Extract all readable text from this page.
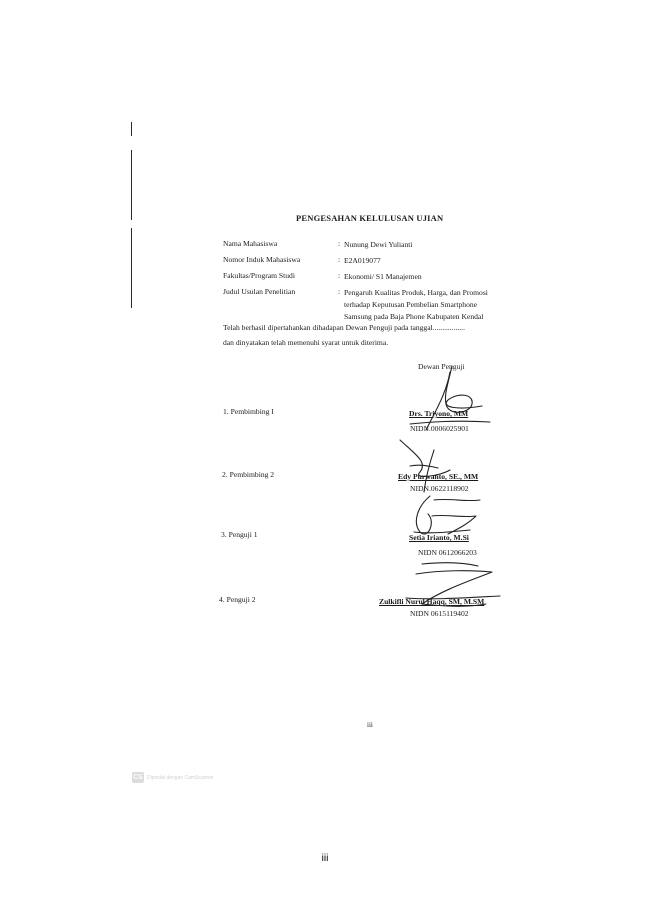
PENGESAHAN KELULUSAN UJIAN
Nama Mahasiswa	: Nunung Dewi Yulianti
Nomor Induk Mahasiswa	: E2A019077
Fakultas/Program Studi	: Ekonomi/ S1 Manajemen
Judul Usulan Penelitian	: Pengaruh Kualitas Produk, Harga, dan Promosi
terhadap Keputusan Pembelian Smartphone
Samsung pada Baja Phone Kabupaten Kendal
Telah berhasil dipertahankan dihadapan Dewan Penguji pada tanggal.................
dan dinyatakan telah memenuhi syarat untuk diterima.
Dewan Penguji
1. Pembimbing I	Drs. Triyono, MM
NIDN.0006025901
2. Pembimbing 2	Edy Purwanto, SE., MM
NIDN.0622118902
3. Penguji 1	Setia Irianto, M.Si
NIDN 0612066203
4. Penguji 2	Zulkifli Nurul Haqq, SM, M.SM
NIDN 0615119402
iii
CS Dipindai dengan CamScanner
iii
